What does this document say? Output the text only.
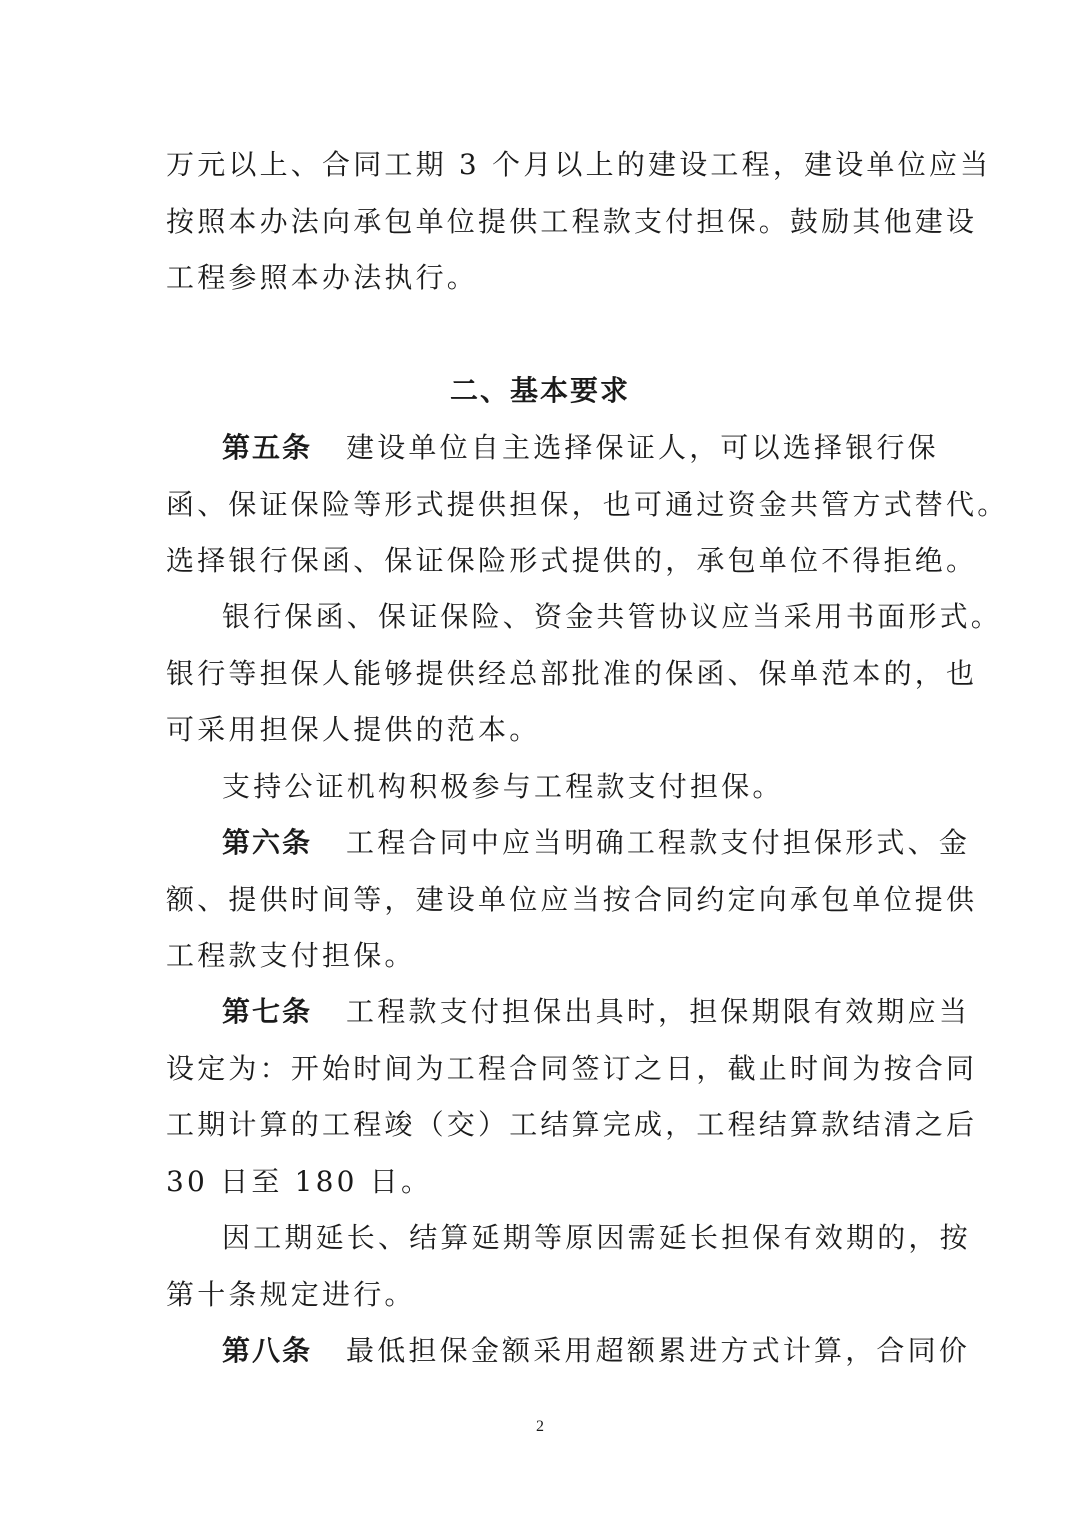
万元以上、合同工期 3 个月以上的建设工程，建设单位应当
按照本办法向承包单位提供工程款支付担保。鼓励其他建设
工程参照本办法执行。
二、基本要求
第五条 建设单位自主选择保证人，可以选择银行保
函、保证保险等形式提供担保，也可通过资金共管方式替代。
选择银行保函、保证保险形式提供的，承包单位不得拒绝。
银行保函、保证保险、资金共管协议应当采用书面形式。
银行等担保人能够提供经总部批准的保函、保单范本的，也
可采用担保人提供的范本。
支持公证机构积极参与工程款支付担保。
第六条 工程合同中应当明确工程款支付担保形式、金
额、提供时间等，建设单位应当按合同约定向承包单位提供
工程款支付担保。
第七条 工程款支付担保出具时，担保期限有效期应当
设定为：开始时间为工程合同签订之日，截止时间为按合同
工期计算的工程竣（交）工结算完成，工程结算款结清之后
30 日至 180 日。
因工期延长、结算延期等原因需延长担保有效期的，按
第十条规定进行。
第八条 最低担保金额采用超额累进方式计算，合同价
2
